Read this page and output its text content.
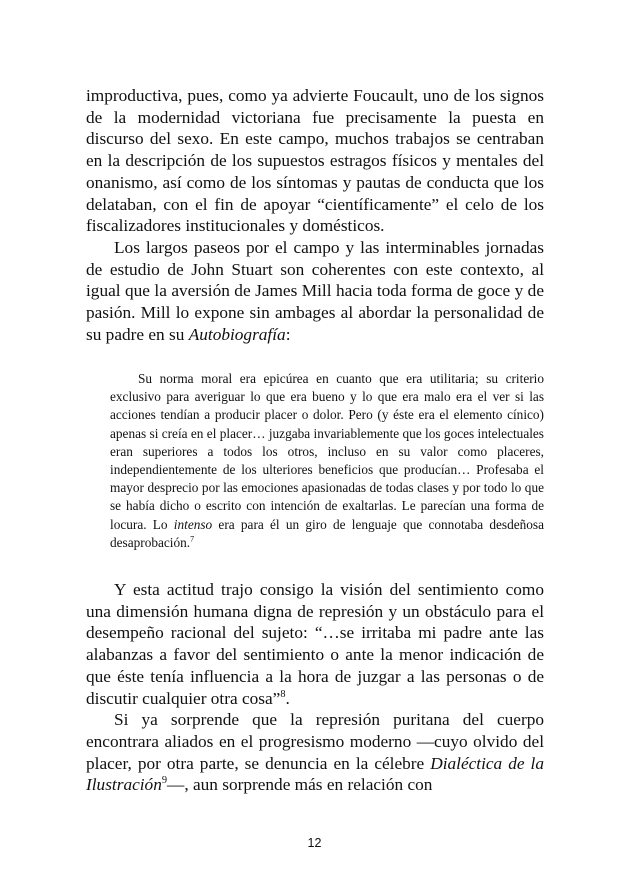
improductiva, pues, como ya advierte Foucault, uno de los signos de la modernidad victoriana fue precisamente la puesta en discurso del sexo. En este campo, muchos trabajos se centraban en la descripción de los supuestos estragos físicos y mentales del onanismo, así como de los síntomas y pautas de conducta que los delataban, con el fin de apoyar “científicamente” el celo de los fiscalizadores institucionales y domésticos.

Los largos paseos por el campo y las interminables jornadas de estudio de John Stuart son coherentes con este contexto, al igual que la aversión de James Mill hacia toda forma de goce y de pasión. Mill lo expone sin ambages al abordar la personalidad de su padre en su Autobiografía:

Su norma moral era epicúrea en cuanto que era utilitaria; su criterio exclusivo para averiguar lo que era bueno y lo que era malo era el ver si las acciones tendían a producir placer o dolor. Pero (y éste era el elemento cínico) apenas si creía en el placer… juzgaba invariablemente que los goces intelectuales eran superiores a todos los otros, incluso en su valor como placeres, independientemente de los ulteriores beneficios que producían… Profesaba el mayor desprecio por las emociones apasionadas de todas clases y por todo lo que se había dicho o escrito con intención de exaltarlas. Le parecían una forma de locura. Lo intenso era para él un giro de lenguaje que connotaba desdeñosa desaprobación.$^7$

Y esta actitud trajo consigo la visión del sentimiento como una dimensión humana digna de represión y un obstáculo para el desempeño racional del sujeto: “…se irritaba mi padre ante las alabanzas a favor del sentimiento o ante la menor indicación de que éste tenía influencia a la hora de juzgar a las personas o de discutir cualquier otra cosa”$^8$.

Si ya sorprende que la represión puritana del cuerpo encontrara aliados en el progresismo moderno —cuyo olvido del placer, por otra parte, se denuncia en la célebre Dialéctica de la Ilustración$^9$—, aun sorprende más en relación con

12
